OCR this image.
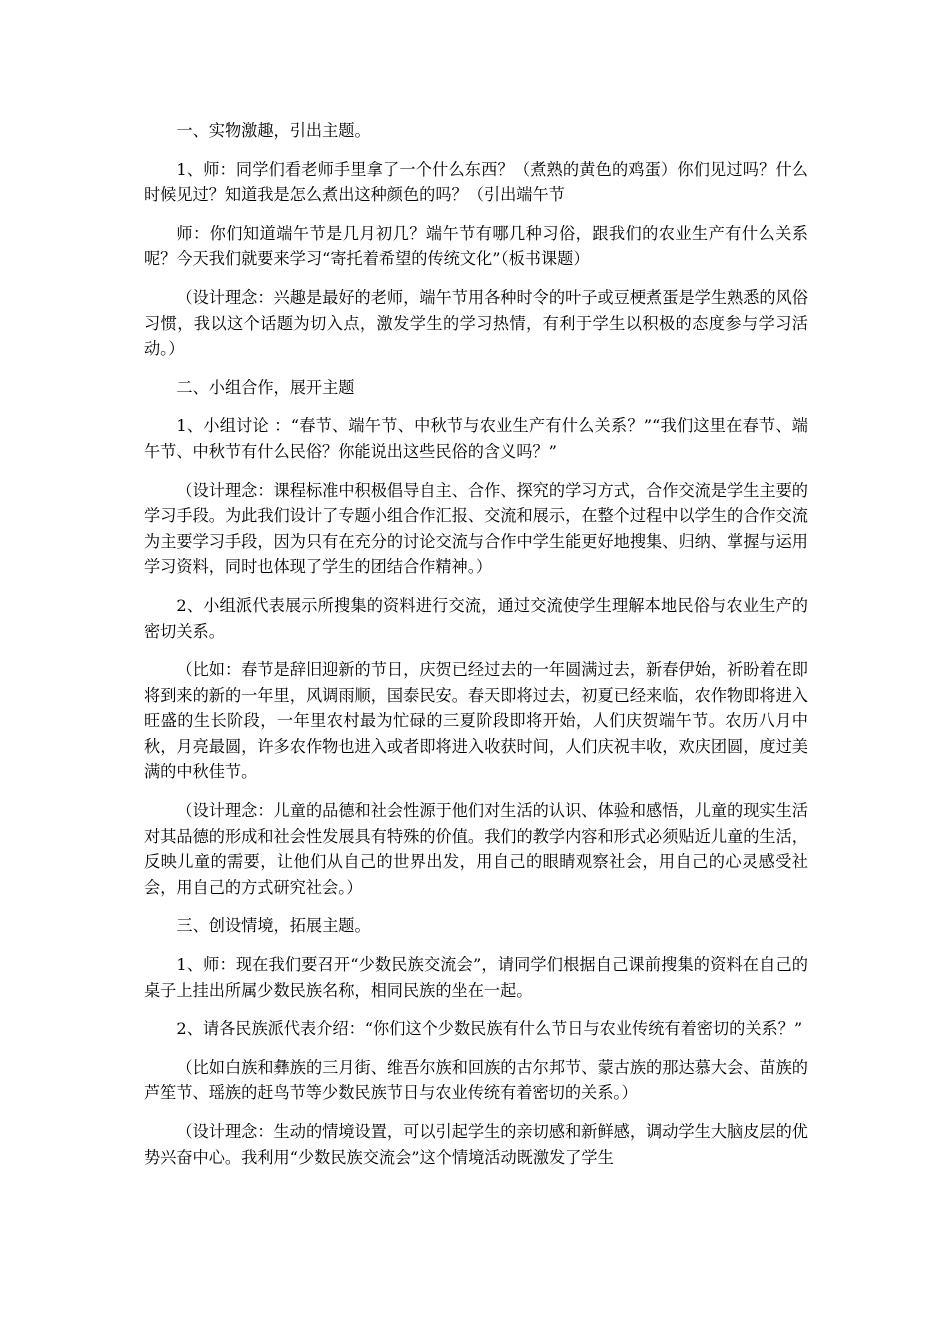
一、实物激趣，引出主题。

1、师：同学们看老师手里拿了一个什么东西？（煮熟的黄色的鸡蛋）你们见过吗？什么时候见过？知道我是怎么煮出这种颜色的吗？（引出端午节

师：你们知道端午节是几月初几？端午节有哪几种习俗，跟我们的农业生产有什么关系呢？今天我们就要来学习“寄托着希望的传统文化”（板书课题）

（设计理念：兴趣是最好的老师，端午节用各种时令的叶子或豆梗煮蛋是学生熟悉的风俗习惯，我以这个话题为切入点，激发学生的学习热情，有利于学生以积极的态度参与学习活动。）

二、小组合作，展开主题

1、小组讨论 ：“春节、端午节、中秋节与农业生产有什么关系？”“我们这里在春节、端午节、中秋节有什么民俗？你能说出这些民俗的含义吗？”

（设计理念：课程标准中积极倡导自主、合作、探究的学习方式，合作交流是学生主要的学习手段。为此我们设计了专题小组合作汇报、交流和展示，在整个过程中以学生的合作交流为主要学习手段，因为只有在充分的讨论交流与合作中学生能更好地搜集、归纳、掌握与运用学习资料，同时也体现了学生的团结合作精神。）

2、小组派代表展示所搜集的资料进行交流，通过交流使学生理解本地民俗与农业生产的密切关系。

（比如：春节是辞旧迎新的节日，庆贺已经过去的一年圆满过去，新春伊始，祈盼着在即将到来的新的一年里，风调雨顺，国泰民安。春天即将过去，初夏已经来临，农作物即将进入旺盛的生长阶段，一年里农村最为忙碌的三夏阶段即将开始，人们庆贺端午节。农历八月中秋，月亮最圆，许多农作物也进入或者即将进入收获时间，人们庆祝丰收，欢庆团圆，度过美满的中秋佳节。

（设计理念：儿童的品德和社会性源于他们对生活的认识、体验和感悟，儿童的现实生活对其品德的形成和社会性发展具有特殊的价值。我们的教学内容和形式必须贴近儿童的生活，反映儿童的需要，让他们从自己的世界出发，用自己的眼睛观察社会，用自己的心灵感受社会，用自己的方式研究社会。）

三、创设情境，拓展主题。

1、师：现在我们要召开“少数民族交流会”，请同学们根据自己课前搜集的资料在自己的桌子上挂出所属少数民族名称，相同民族的坐在一起。

2、请各民族派代表介绍：“你们这个少数民族有什么节日与农业传统有着密切的关系？”

（比如白族和彝族的三月街、维吾尔族和回族的古尔邦节、蒙古族的那达慕大会、苗族的芦笙节、瑶族的赶鸟节等少数民族节日与农业传统有着密切的关系。）

（设计理念：生动的情境设置，可以引起学生的亲切感和新鲜感，调动学生大脑皮层的优势兴奋中心。我利用“少数民族交流会”这个情境活动既激发了学生
